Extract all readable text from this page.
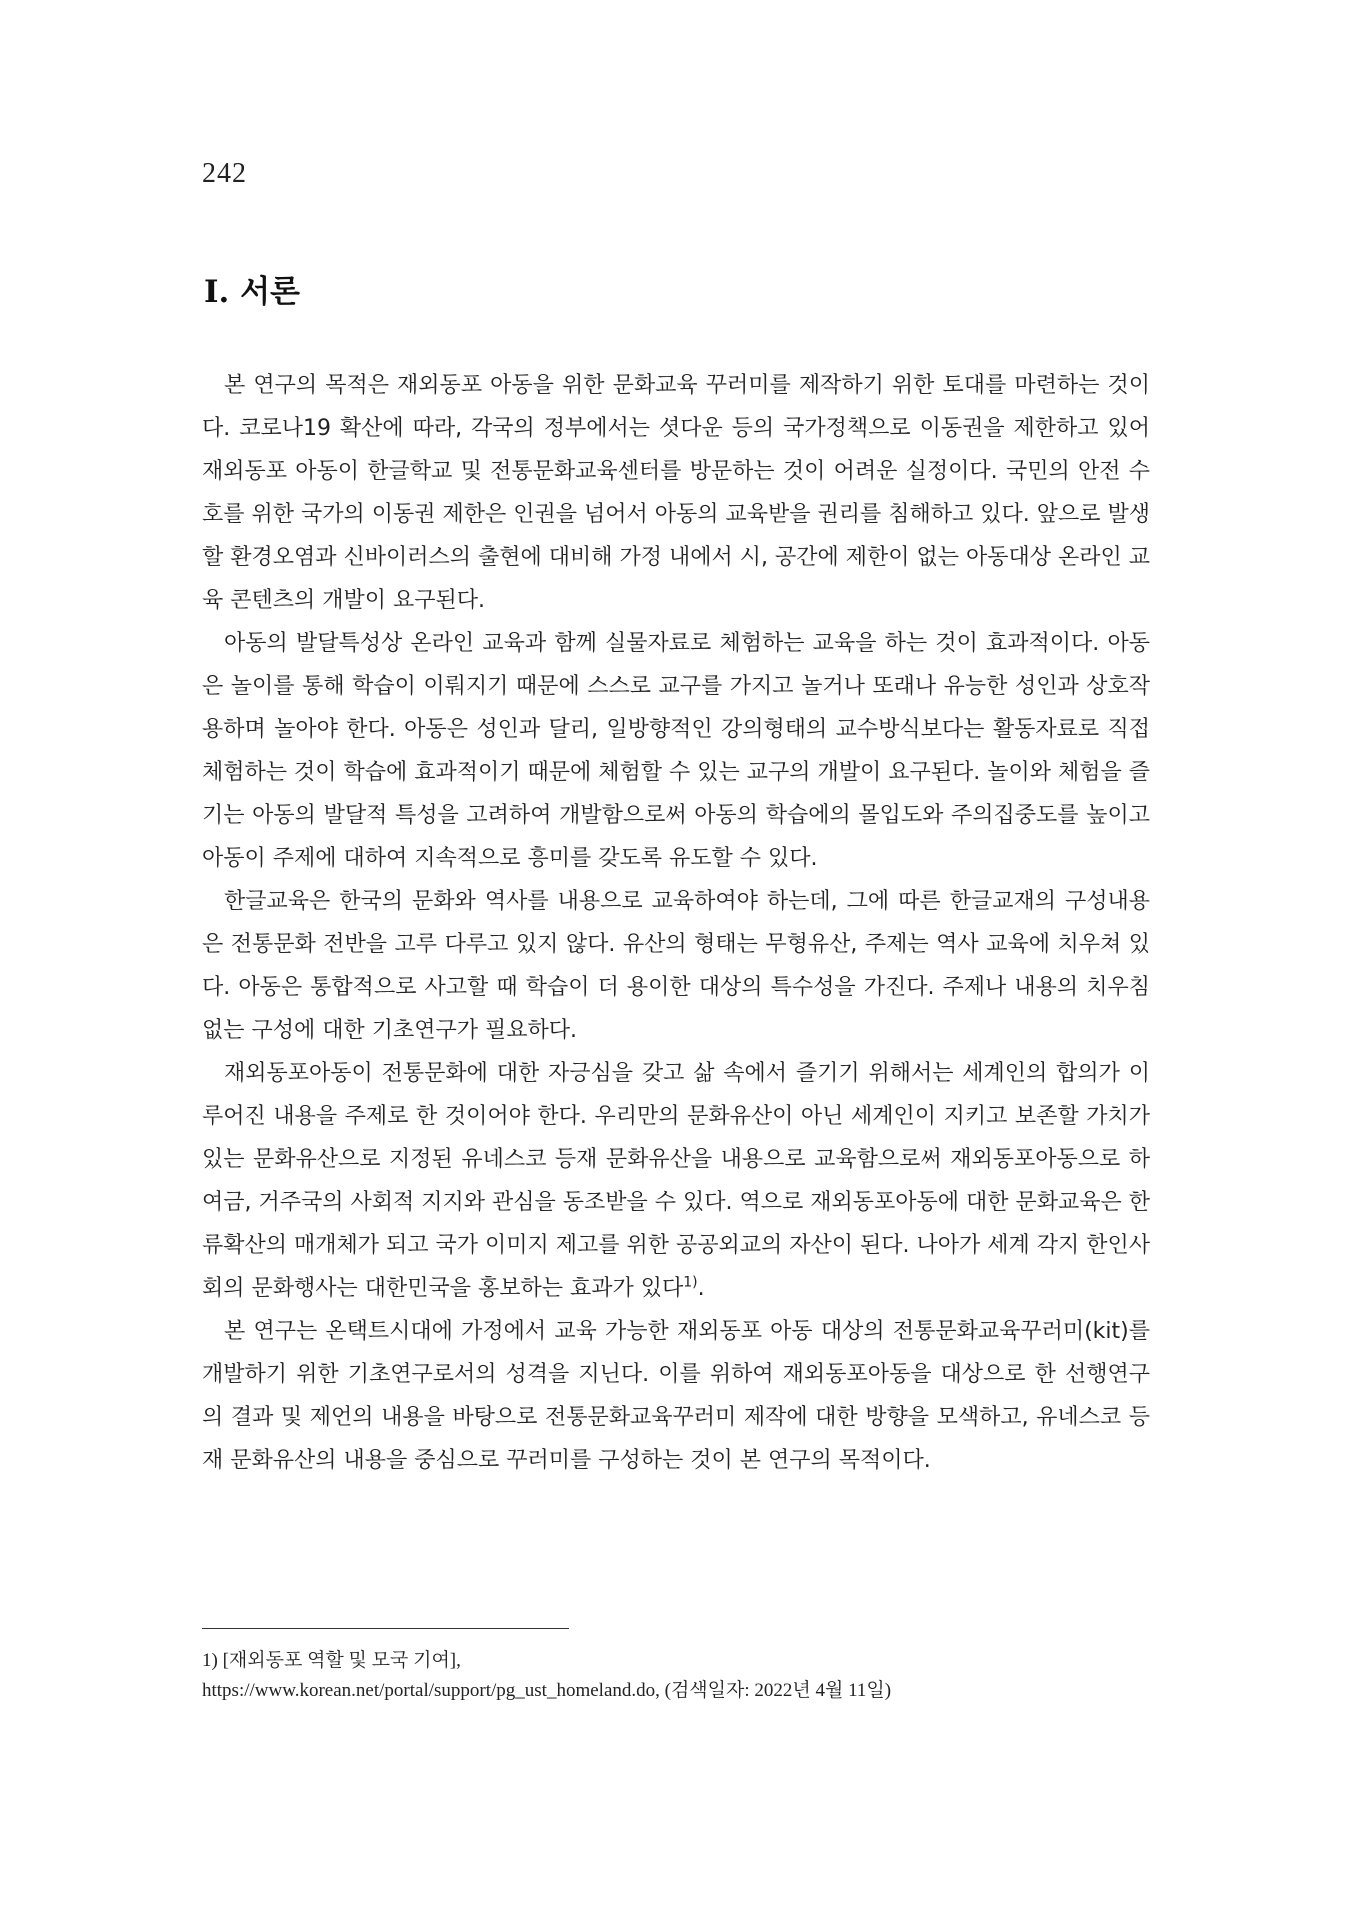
242
Ⅰ. 서론

본 연구의 목적은 재외동포 아동을 위한 문화교육 꾸러미를 제작하기 위한 토대를 마련하는 것이다. 코로나19 확산에 따라, 각국의 정부에서는 셧다운 등의 국가정책으로 이동권을 제한하고 있어 재외동포 아동이 한글학교 및 전통문화교육센터를 방문하는 것이 어려운 실정이다. 국민의 안전 수호를 위한 국가의 이동권 제한은 인권을 넘어서 아동의 교육받을 권리를 침해하고 있다. 앞으로 발생할 환경오염과 신바이러스의 출현에 대비해 가정 내에서 시, 공간에 제한이 없는 아동대상 온라인 교육 콘텐츠의 개발이 요구된다.

아동의 발달특성상 온라인 교육과 함께 실물자료로 체험하는 교육을 하는 것이 효과적이다. 아동은 놀이를 통해 학습이 이뤄지기 때문에 스스로 교구를 가지고 놀거나 또래나 유능한 성인과 상호작용하며 놀아야 한다. 아동은 성인과 달리, 일방향적인 강의형태의 교수방식보다는 활동자료로 직접 체험하는 것이 학습에 효과적이기 때문에 체험할 수 있는 교구의 개발이 요구된다. 놀이와 체험을 즐기는 아동의 발달적 특성을 고려하여 개발함으로써 아동의 학습에의 몰입도와 주의집중도를 높이고 아동이 주제에 대하여 지속적으로 흥미를 갖도록 유도할 수 있다.

한글교육은 한국의 문화와 역사를 내용으로 교육하여야 하는데, 그에 따른 한글교재의 구성내용은 전통문화 전반을 고루 다루고 있지 않다. 유산의 형태는 무형유산, 주제는 역사 교육에 치우쳐 있다. 아동은 통합적으로 사고할 때 학습이 더 용이한 대상의 특수성을 가진다. 주제나 내용의 치우침 없는 구성에 대한 기초연구가 필요하다.

재외동포아동이 전통문화에 대한 자긍심을 갖고 삶 속에서 즐기기 위해서는 세계인의 합의가 이루어진 내용을 주제로 한 것이어야 한다. 우리만의 문화유산이 아닌 세계인이 지키고 보존할 가치가 있는 문화유산으로 지정된 유네스코 등재 문화유산을 내용으로 교육함으로써 재외동포아동으로 하여금, 거주국의 사회적 지지와 관심을 동조받을 수 있다. 역으로 재외동포아동에 대한 문화교육은 한류확산의 매개체가 되고 국가 이미지 제고를 위한 공공외교의 자산이 된다. 나아가 세계 각지 한인사회의 문화행사는 대한민국을 홍보하는 효과가 있다$^{1)}$.

본 연구는 온택트시대에 가정에서 교육 가능한 재외동포 아동 대상의 전통문화교육꾸러미(kit)를 개발하기 위한 기초연구로서의 성격을 지닌다. 이를 위하여 재외동포아동을 대상으로 한 선행연구의 결과 및 제언의 내용을 바탕으로 전통문화교육꾸러미 제작에 대한 방향을 모색하고, 유네스코 등재 문화유산의 내용을 중심으로 꾸러미를 구성하는 것이 본 연구의 목적이다.

1) [재외동포 역할 및 모국 기여],

https://www.korean.net/portal/support/pg_ust_homeland.do, (검색일자: 2022년 4월 11일)
